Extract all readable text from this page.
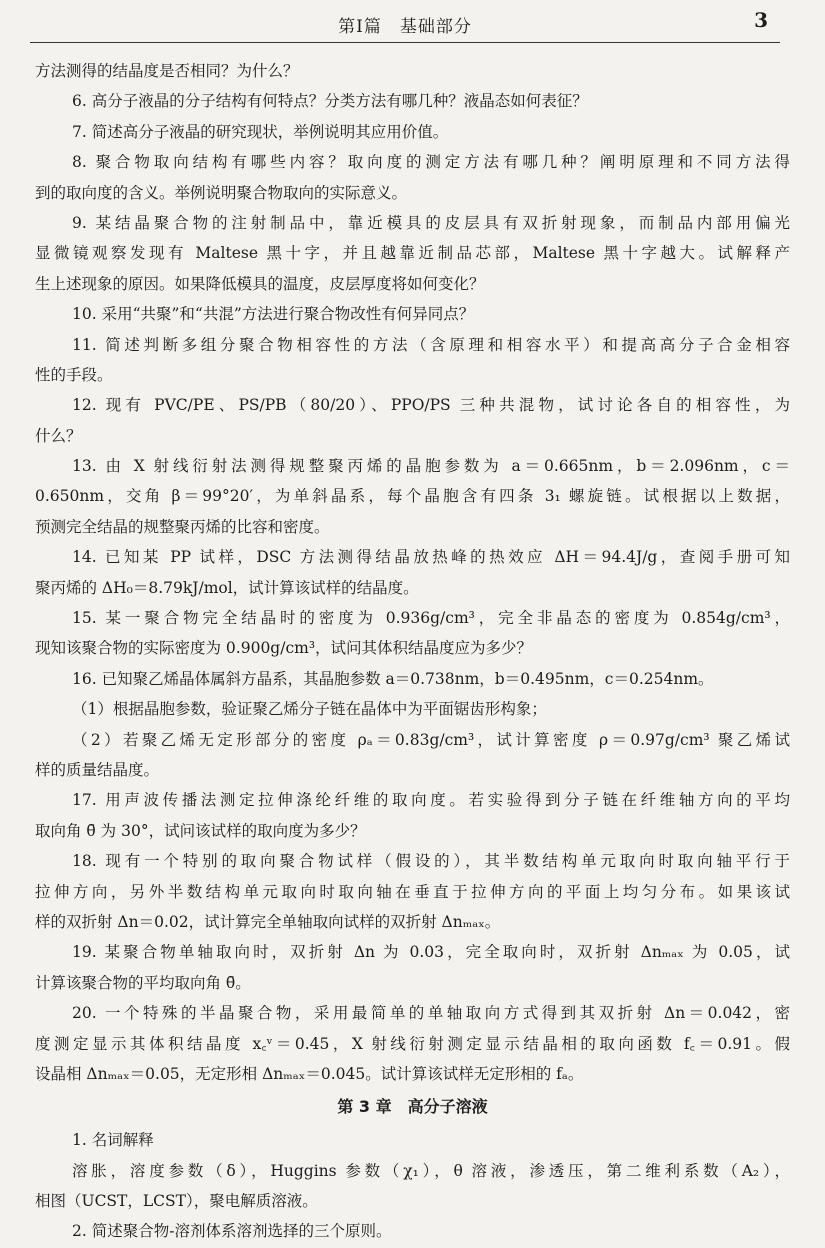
第Ⅰ篇　基础部分	3
方法测得的结晶度是否相同？为什么？
6. 高分子液晶的分子结构有何特点？分类方法有哪几种？液晶态如何表征？
7. 简述高分子液晶的研究现状，举例说明其应用价值。
8. 聚合物取向结构有哪些内容？取向度的测定方法有哪几种？阐明原理和不同方法得
到的取向度的含义。举例说明聚合物取向的实际意义。
9. 某结晶聚合物的注射制品中，靠近模具的皮层具有双折射现象，而制品内部用偏光
显微镜观察发现有 Maltese 黑十字，并且越靠近制品芯部，Maltese 黑十字越大。试解释产
生上述现象的原因。如果降低模具的温度，皮层厚度将如何变化？
10. 采用“共聚”和“共混”方法进行聚合物改性有何异同点？
11. 简述判断多组分聚合物相容性的方法（含原理和相容水平）和提高高分子合金相容
性的手段。
12. 现有 PVC/PE、PS/PB（80/20）、PPO/PS 三种共混物，试讨论各自的相容性，为
什么？
13. 由 X 射线衍射法测得规整聚丙烯的晶胞参数为 a＝0.665nm，b＝2.096nm，c＝
0.650nm，交角 β＝99°20′，为单斜晶系，每个晶胞含有四条 3₁ 螺旋链。试根据以上数据，
预测完全结晶的规整聚丙烯的比容和密度。
14. 已知某 PP 试样，DSC 方法测得结晶放热峰的热效应 ΔH＝94.4J/g，查阅手册可知
聚丙烯的 ΔH₀＝8.79kJ/mol，试计算该试样的结晶度。
15. 某一聚合物完全结晶时的密度为 0.936g/cm³，完全非晶态的密度为 0.854g/cm³，
现知该聚合物的实际密度为 0.900g/cm³，试问其体积结晶度应为多少？
16. 已知聚乙烯晶体属斜方晶系，其晶胞参数 a＝0.738nm，b＝0.495nm，c＝0.254nm。
（1）根据晶胞参数，验证聚乙烯分子链在晶体中为平面锯齿形构象；
（2）若聚乙烯无定形部分的密度 ρₐ＝0.83g/cm³，试计算密度 ρ＝0.97g/cm³ 聚乙烯试
样的质量结晶度。
17. 用声波传播法测定拉伸涤纶纤维的取向度。若实验得到分子链在纤维轴方向的平均
取向角 θ̄ 为 30°，试问该试样的取向度为多少？
18. 现有一个特别的取向聚合物试样（假设的），其半数结构单元取向时取向轴平行于
拉伸方向，另外半数结构单元取向时取向轴在垂直于拉伸方向的平面上均匀分布。如果该试
样的双折射 Δn＝0.02，试计算完全单轴取向试样的双折射 Δnₘₐₓ。
19. 某聚合物单轴取向时，双折射 Δn 为 0.03，完全取向时，双折射 Δnₘₐₓ 为 0.05，试
计算该聚合物的平均取向角 θ̄。
20. 一个特殊的半晶聚合物，采用最简单的单轴取向方式得到其双折射 Δn＝0.042，密
度测定显示其体积结晶度 x꜀ᵛ＝0.45，X 射线衍射测定显示结晶相的取向函数 f꜀＝0.91。假
设晶相 Δnₘₐₓ＝0.05，无定形相 Δnₘₐₓ＝0.045。试计算该试样无定形相的 fₐ。
第 3 章　高分子溶液
1. 名词解释
溶胀，溶度参数（δ），Huggins 参数（χ₁），θ 溶液，渗透压，第二维利系数（A₂），
相图（UCST，LCST），聚电解质溶液。
2. 简述聚合物-溶剂体系溶剂选择的三个原则。
